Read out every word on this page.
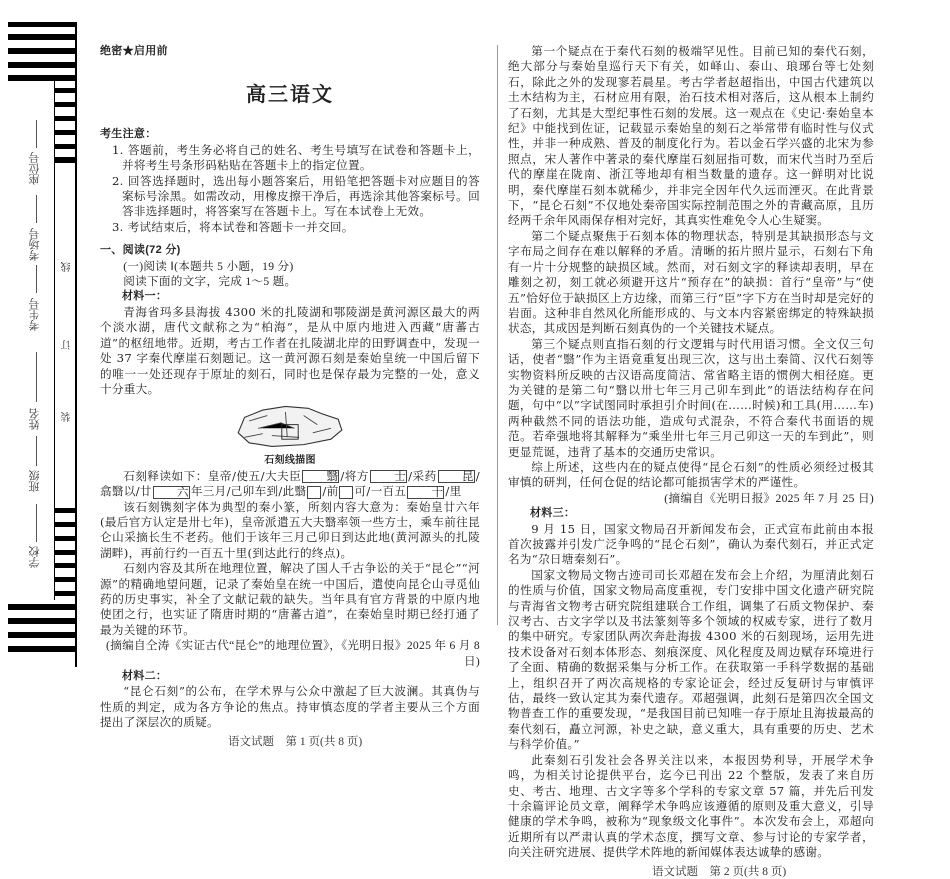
座位号
考场号
考生号
姓名
班级
学校
线
订
装
绝密★启用前
高三语文
考生注意：
1. 答题前，考生务必将自己的姓名、考生号填写在试卷和答题卡上，并将考生号条形码粘贴在答题卡上的指定位置。
2. 回答选择题时，选出每小题答案后，用铅笔把答题卡对应题目的答案标号涂黑。如需改动，用橡皮擦干净后，再选涂其他答案标号。回答非选择题时，将答案写在答题卡上。写在本试卷上无效。
3. 考试结束后，将本试卷和答题卡一并交回。
一、阅读(72 分)
(一)阅读 Ⅰ(本题共 5 小题，19 分)
阅读下面的文字，完成 1～5 题。
材料一：
青海省玛多县海拔 4300 米的扎陵湖和鄂陵湖是黄河源区最大的两个淡水湖，唐代文献称之为“柏海”，是从中原内地进入西藏“唐蕃古道”的枢纽地带。近期，考古工作者在扎陵湖北岸的田野调查中，发现一处 37 字秦代摩崖石刻题记。这一黄河源石刻是秦始皇统一中国后留下的唯一一处还现存于原址的刻石，同时也是保存最为完整的一处，意义十分重大。
石刻线描图
石刻释读如下：皇帝/使五/大夫臣 翳 /将方 士 /采药 昆 /翕翳以/廿 六 年三月/己卯车到/此翳 /前 可/一百五 十 /里
该石刻镌刻字体为典型的秦小篆，所刻内容大意为：秦始皇廿六年(最后官方认定是卅七年)，皇帝派遣五大夫翳率领一些方士，乘车前往昆仑山采摘长生不老药。他们于该年三月己卯日到达此地(黄河源头的扎陵湖畔)，再前行约一百五十里(到达此行的终点)。
石刻内容及其所在地理位置，解决了国人千古争讼的关于“昆仑”“河源”的精确地望问题，记录了秦始皇在统一中国后，遣使向昆仑山寻觅仙药的历史事实，补全了文献记载的缺失。当年具有官方背景的中原内地使团之行，也实证了隋唐时期的“唐蕃古道”，在秦始皇时期已经打通了最为关键的环节。
(摘编自仝涛《实证古代“昆仑”的地理位置》，《光明日报》2025 年 6 月 8 日)
材料二：
“昆仑石刻”的公布，在学术界与公众中激起了巨大波澜。其真伪与性质的判定，成为各方争论的焦点。持审慎态度的学者主要从三个方面提出了深层次的质疑。
语文试题　第 1 页(共 8 页)
第一个疑点在于秦代石刻的极端罕见性。目前已知的秦代石刻，绝大部分与秦始皇巡行天下有关，如峄山、泰山、琅琊台等七处刻石，除此之外的发现寥若晨星。考古学者赵超指出，中国古代建筑以土木结构为主，石材应用有限，治石技术相对落后，这从根本上制约了石刻，尤其是大型纪事性石刻的发展。这一观点在《史记·秦始皇本纪》中能找到佐证，记载显示秦始皇的刻石之举常带有临时性与仪式性，并非一种成熟、普及的制度化行为。若以金石学兴盛的北宋为参照点，宋人著作中著录的秦代摩崖石刻屈指可数，而宋代当时乃至后代的摩崖在陇南、浙江等地却有相当数量的遗存。这一鲜明对比说明，秦代摩崖石刻本就稀少，并非完全因年代久远而湮灭。在此背景下，“昆仑石刻”不仅地处秦帝国实际控制范围之外的青藏高原，且历经两千余年风雨保存相对完好，其真实性难免令人心生疑窦。
第二个疑点聚焦于石刻本体的物理状态，特别是其缺损形态与文字布局之间存在难以解释的矛盾。清晰的拓片照片显示，石刻右下角有一片十分规整的缺损区域。然而，对石刻文字的释读却表明，早在雕刻之初，刻工就必须避开这片“预存在”的缺损：首行“皇帝”与“使五”恰好位于缺损区上方边缘，而第三行“臣”字下方在当时却是完好的岩面。这种非自然风化所能形成的、与文本内容紧密绑定的特殊缺损状态，其成因是判断石刻真伪的一个关键技术疑点。
第三个疑点则直指石刻的行文逻辑与时代用语习惯。全文仅三句话，使者“翳”作为主语竟重复出现三次，这与出土秦简、汉代石刻等实物资料所反映的古汉语高度简洁、常省略主语的惯例大相径庭。更为关键的是第二句“翳以卅七年三月己卯车到此”的语法结构存在问题，句中“以”字试图同时承担引介时间(在……时候)和工具(用……车)两种截然不同的语法功能，造成句式混杂，不符合秦代书面语的规范。若牵强地将其解释为“乘坐卅七年三月己卯这一天的车到此”，则更显荒诞，违背了基本的交通历史常识。
综上所述，这些内在的疑点使得“昆仑石刻”的性质必须经过极其审慎的研判，任何仓促的结论都可能损害学术的严谨性。
(摘编自《光明日报》2025 年 7 月 25 日)
材料三：
9 月 15 日，国家文物局召开新闻发布会，正式宣布此前由本报首次披露并引发广泛争鸣的“昆仑石刻”，确认为秦代刻石，并正式定名为“尕日塘秦刻石”。
国家文物局文物古迹司司长邓超在发布会上介绍，为厘清此刻石的性质与价值，国家文物局高度重视，专门安排中国文化遗产研究院与青海省文物考古研究院组建联合工作组，调集了石质文物保护、秦汉考古、古文字学以及书法篆刻等多个领域的权威专家，进行了数月的集中研究。专家团队两次奔赴海拔 4300 米的石刻现场，运用先进技术设备对石刻本体形态、刻痕深度、风化程度及周边赋存环境进行了全面、精确的数据采集与分析工作。在获取第一手科学数据的基础上，组织召开了两次高规格的专家论证会，经过反复研讨与审慎评估，最终一致认定其为秦代遗存。邓超强调，此刻石是第四次全国文物普查工作的重要发现，“是我国目前已知唯一存于原址且海拔最高的秦代刻石，矗立河源，补史之缺，意义重大，具有重要的历史、艺术与科学价值。”
此秦刻石引发社会各界关注以来，本报因势利导，开展学术争鸣，为相关讨论提供平台，迄今已刊出 22 个整版，发表了来自历史、考古、地理、古文字等多个学科的专家文章 57 篇，并先后刊发十余篇评论员文章，阐释学术争鸣应该遵循的原则及重大意义，引导健康的学术争鸣，被称为“现象级文化事件”。本次发布会上，邓超向近期所有以严肃认真的学术态度，撰写文章、参与讨论的专家学者，向关注研究进展、提供学术阵地的新闻媒体表达诚挚的感谢。
语文试题　第 2 页(共 8 页)
